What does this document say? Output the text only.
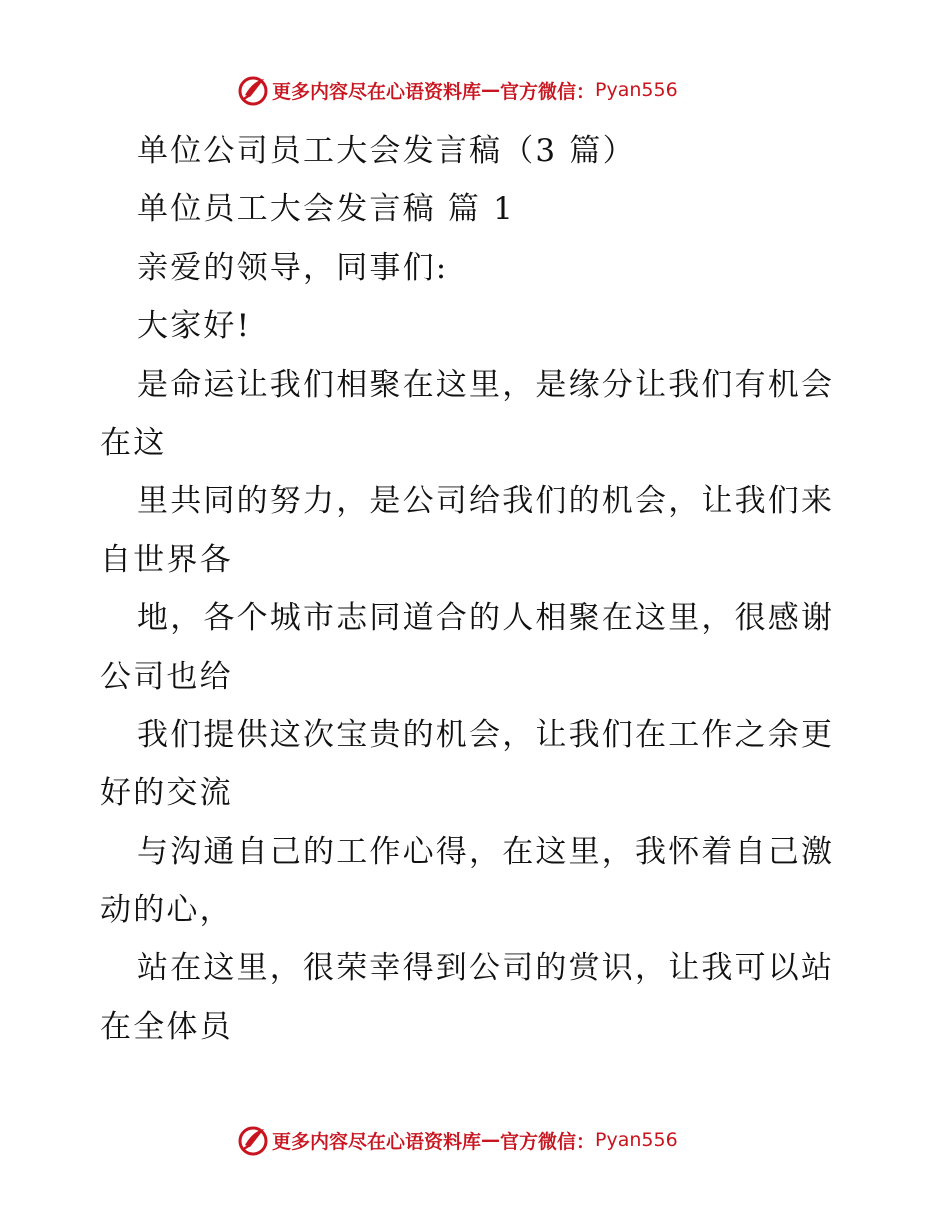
更多内容尽在心语资料库 — 官方微信： Pyan556
单位公司员工大会发言稿（3 篇）
单位员工大会发言稿 篇 1
亲爱的领导，同事们:
大家好!
是命运让我们相聚在这里，是缘分让我们有机会
在这
里共同的努力，是公司给我们的机会，让我们来
自世界各
地，各个城市志同道合的人相聚在这里，很感谢
公司也给
我们提供这次宝贵的机会，让我们在工作之余更
好的交流
与沟通自己的工作心得，在这里，我怀着自己激
动的心，
站在这里，很荣幸得到公司的赏识，让我可以站
在全体员
更多内容尽在心语资料库 — 官方微信： Pyan556
